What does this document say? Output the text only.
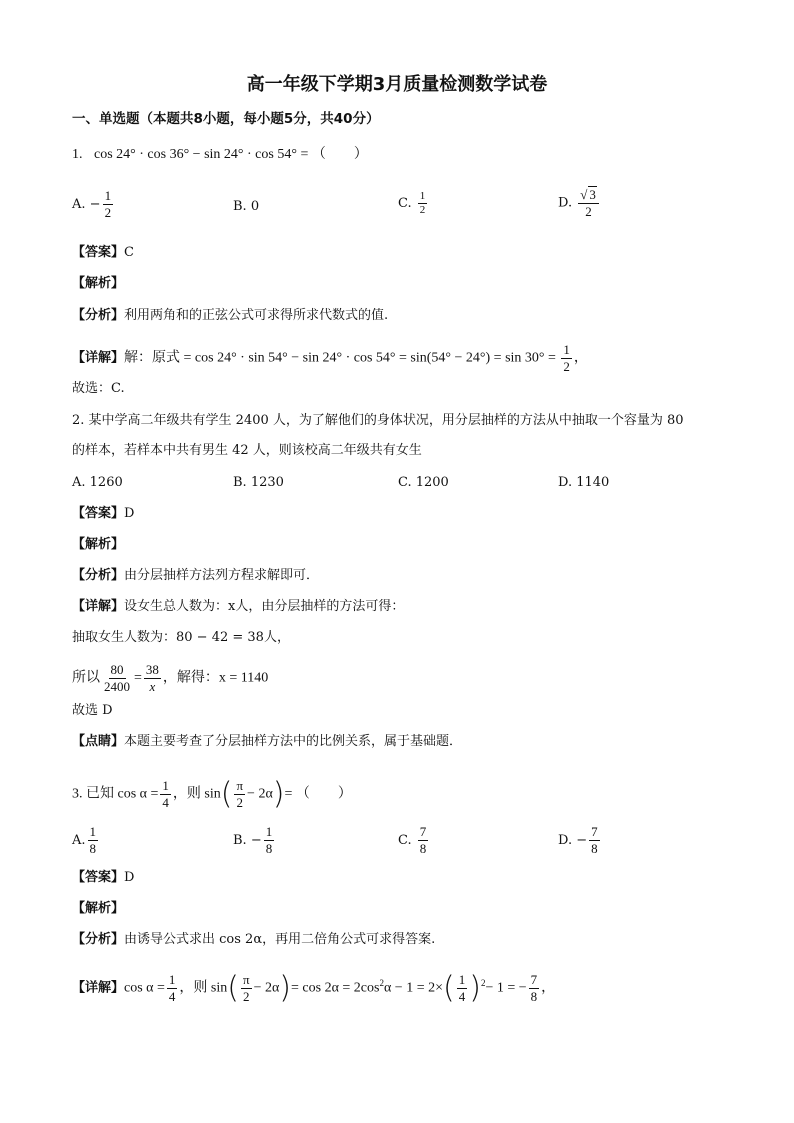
高一年级下学期3月质量检测数学试卷
一、单选题（本题共8小题，每小题5分，共40分）
1. cos 24° · cos 36° − sin 24° · cos 54° = （　　）
A. − $\frac{1}{2}$	B. 0	C. $\frac{1}{2}$	D. $\frac{√ 3}{2}$
【答案】C
【解析】
【分析】利用两角和的正弦公式可求得所求代数式的值.
【详解】解：原式 = $\cos 24^\circ \cdot \sin 54^\circ - \sin 24^\circ \cdot \cos 54^\circ = \sin(54^\circ - 24^\circ) = \sin 30^\circ = \frac{1}{2}$ ，
故选：C.
2. 某中学高二年级共有学生 2400 人，为了解他们的身体状况，用分层抽样的方法从中抽取一个容量为 80
的样本，若样本中共有男生 42 人，则该校高二年级共有女生
A. 1260	B. 1230	C. 1200	D. 1140
【答案】D
【解析】
【分析】由分层抽样方法列方程求解即可．
【详解】设女生总人数为：x人，由分层抽样的方法可得：
抽取女生人数为：80 − 42 = 38人，
所以 $\frac{80}{2400} = \frac{38}{x}$ ，解得：x = 1140
故选 D
【点睛】本题主要考查了分层抽样方法中的比例关系，属于基础题．
3. 已知 $\cos \alpha = \frac{1}{4}$ ，则 $\sin( \frac{\pi}{2} - 2\alpha)=$ （　　）
A. $\frac{1}{8}$	B. − $\frac{1}{8}$	C. $\frac{7}{8}$	D. − $\frac{7}{8}$
【答案】D
【解析】
【分析】由诱导公式求出 cos 2α，再用二倍角公式可求得答案.
【详解】$\cos \alpha = \frac{1}{4}$ ，则 $\sin( \frac{\pi}{2} - 2\alpha)= \cos 2\alpha = 2\cos^2\alpha - 1 = 2\times( \frac{1}{4} )^2- 1$ = − $\frac{7}{8}$ ，
